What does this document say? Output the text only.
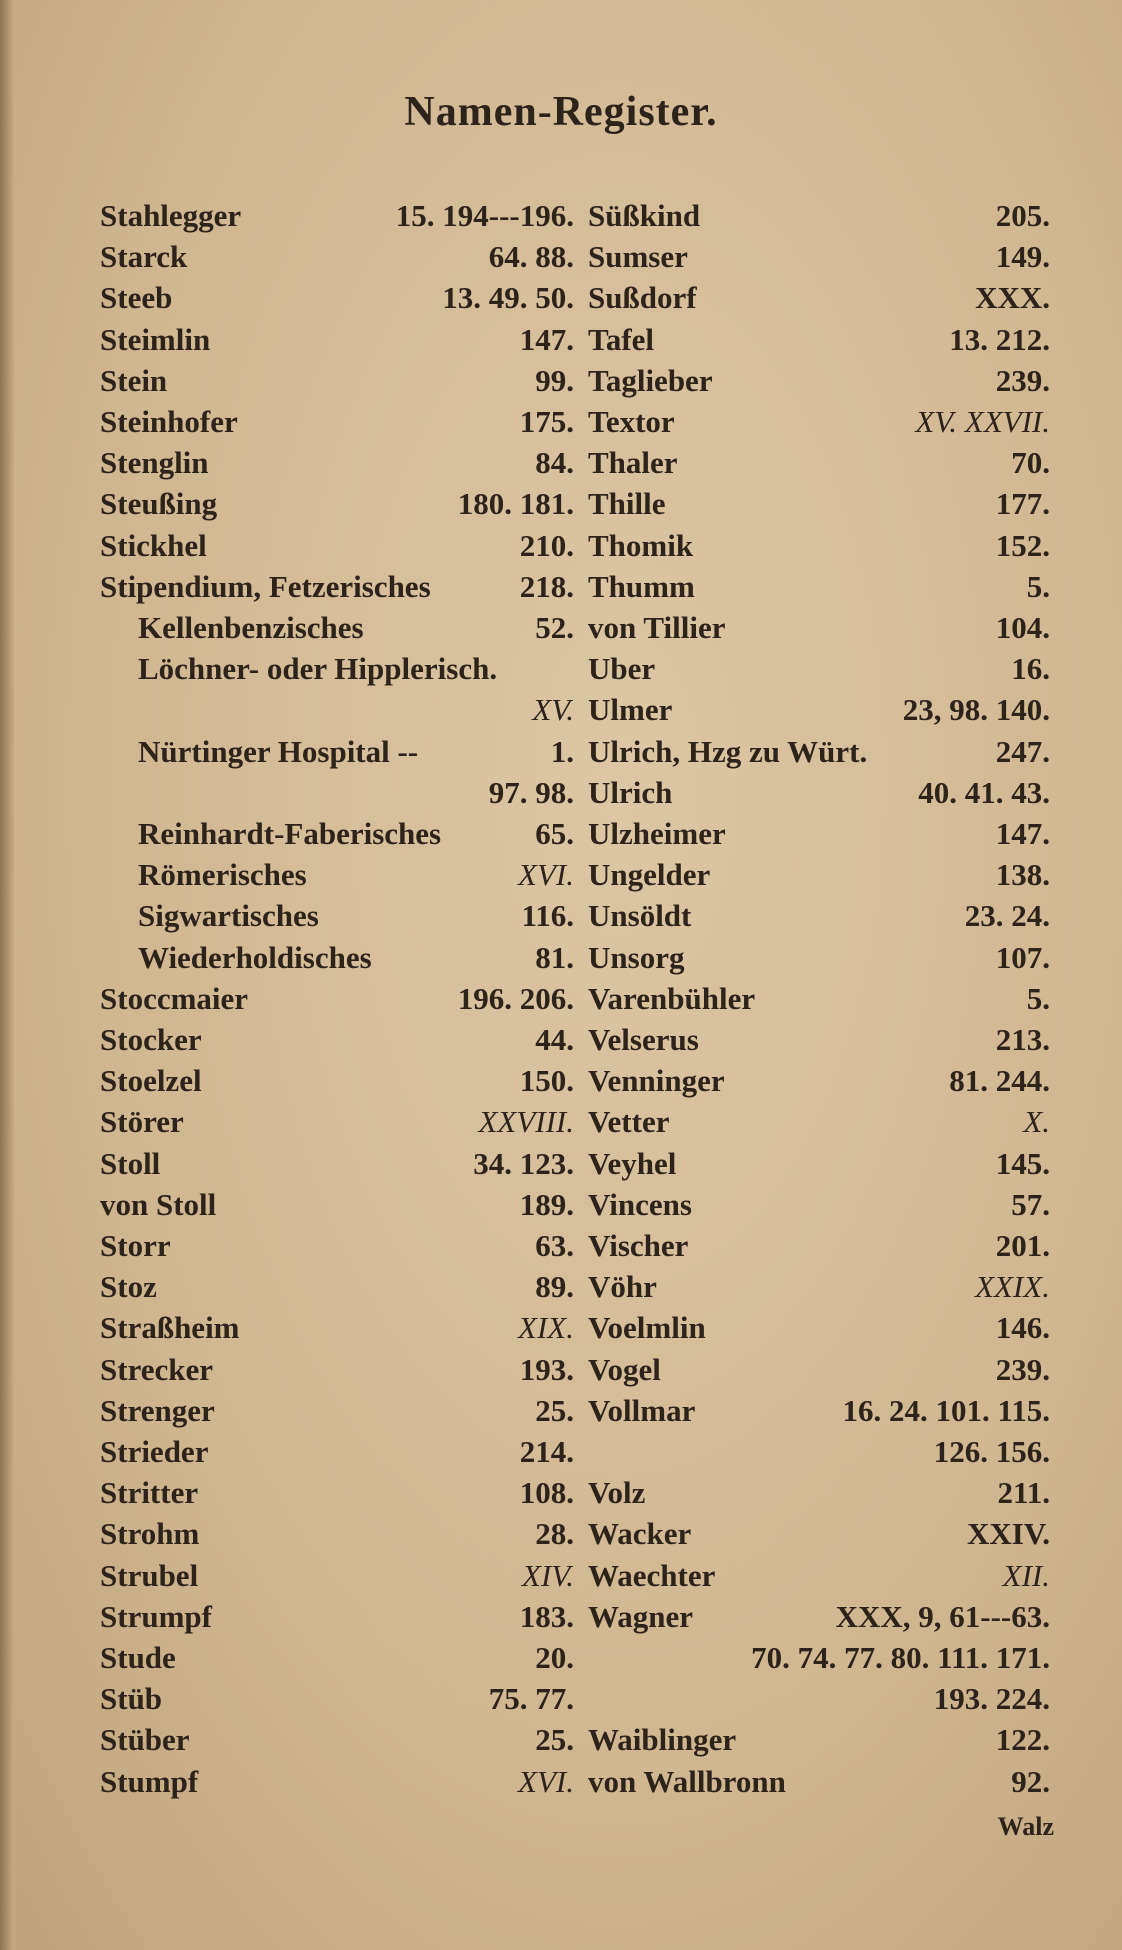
Namen-Register.
Stahlegger	15. 194---196.
Starck	64. 88.
Steeb	13. 49. 50.
Steimlin	147.
Stein	99.
Steinhofer	175.
Stenglin	84.
Steußing	180. 181.
Stickhel	210.
Stipendium, Fetzerisches	218.
Kellenbenzisches	52.
Löchner- oder Hipplerisch.
XV.
Nürtinger Hospital --	1.
97. 98.
Reinhardt-Faberisches	65.
Römerisches	XVI.
Sigwartisches	116.
Wiederholdisches	81.
Stoccmaier	196. 206.
Stocker	44.
Stoelzel	150.
Störer	XXVIII.
Stoll	34. 123.
von Stoll	189.
Storr	63.
Stoz	89.
Straßheim	XIX.
Strecker	193.
Strenger	25.
Strieder	214.
Stritter	108.
Strohm	28.
Strubel	XIV.
Strumpf	183.
Stude	20.
Stüb	75. 77.
Stüber	25.
Stumpf	XVI.
Süßkind	205.
Sumser	149.
Sußdorf	XXX.
Tafel	13. 212.
Taglieber	239.
Textor	XV. XXVII.
Thaler	70.
Thille	177.
Thomik	152.
Thumm	5.
von Tillier	104.
Uber	16.
Ulmer	23, 98. 140.
Ulrich, Hzg zu Würt.	247.
Ulrich	40. 41. 43.
Ulzheimer	147.
Ungelder	138.
Unsöldt	23. 24.
Unsorg	107.
Varenbühler	5.
Velserus	213.
Venninger	81. 244.
Vetter	X.
Veyhel	145.
Vincens	57.
Vischer	201.
Vöhr	XXIX.
Voelmlin	146.
Vogel	239.
Vollmar	16. 24. 101. 115.
126. 156.
Volz	211.
Wacker	XXIV.
Waechter	XII.
Wagner	XXX, 9, 61---63.
70. 74. 77. 80. 111. 171.
193. 224.
Waiblinger	122.
von Wallbronn	92.
Walz
